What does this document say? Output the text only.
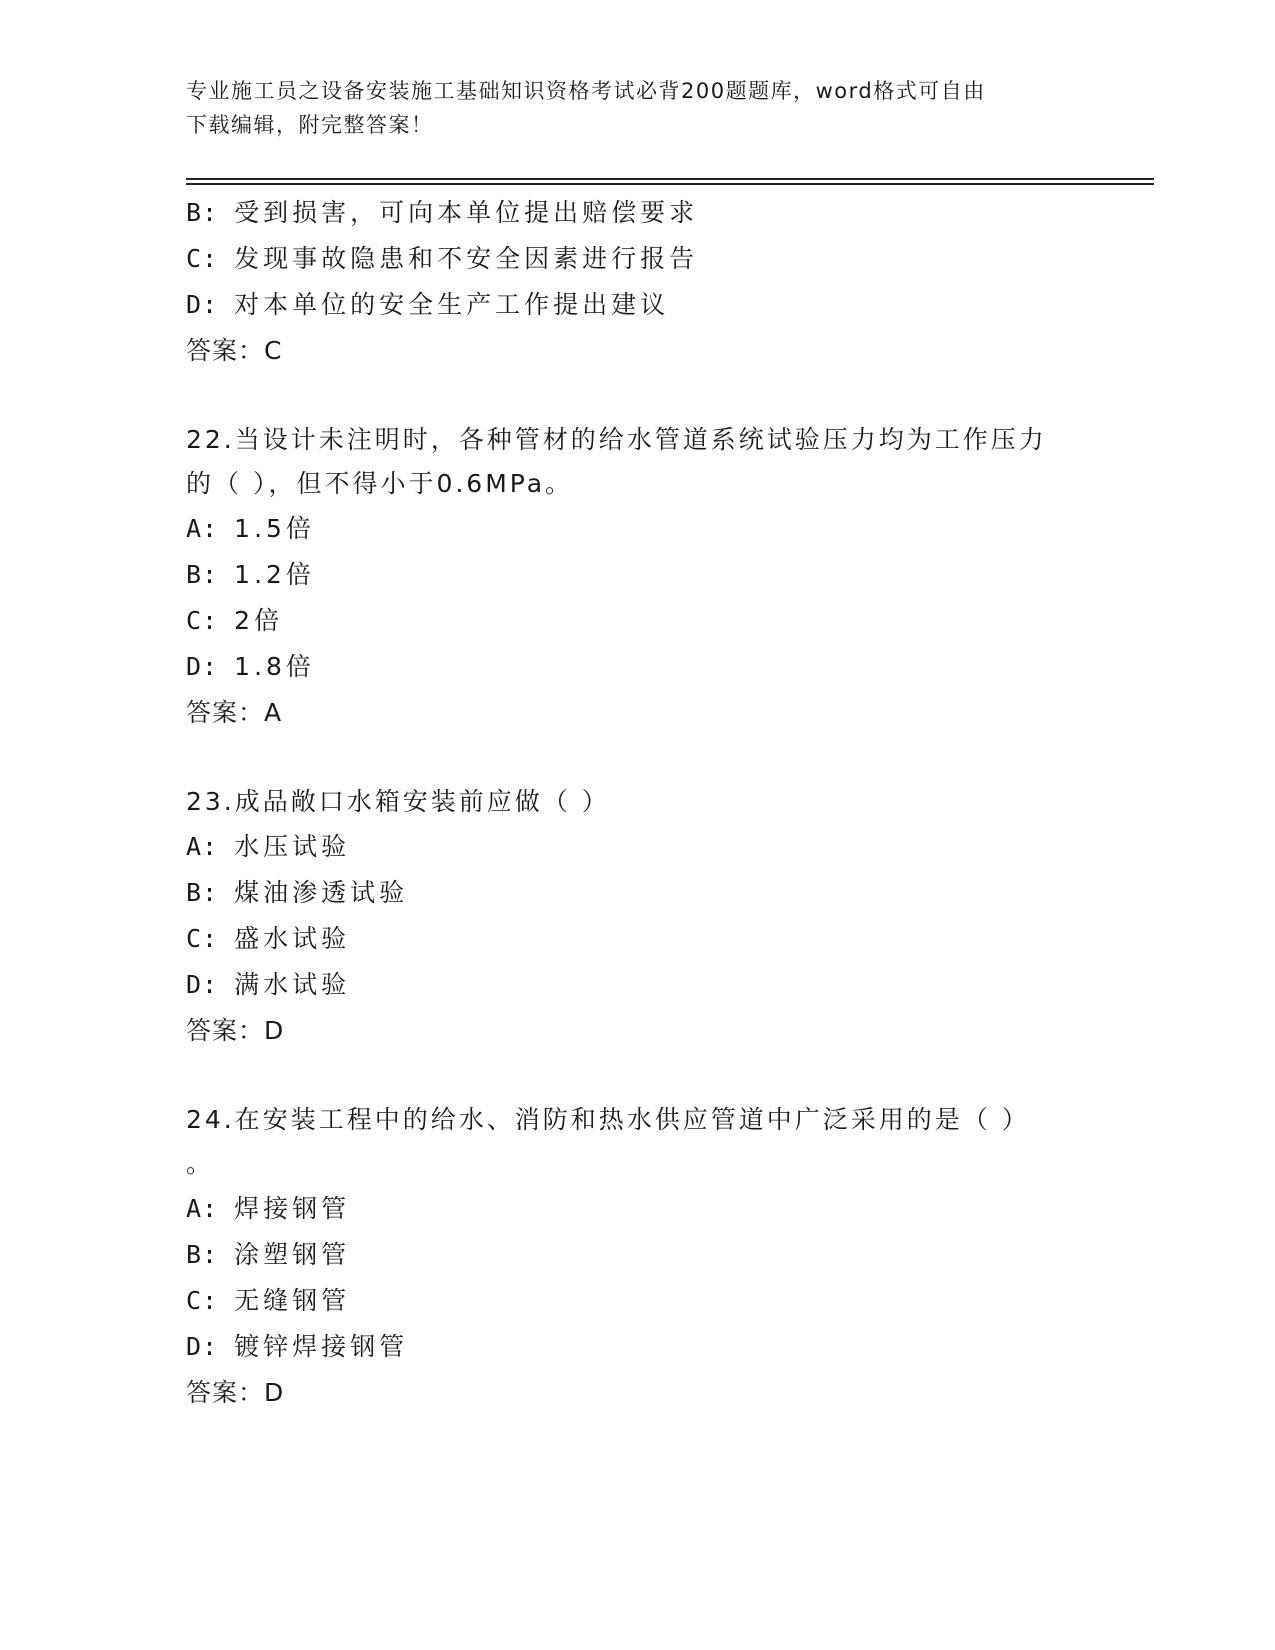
专业施工员之设备安装施工基础知识资格考试必背200题题库，word格式可自由
下载编辑，附完整答案！
B: 受到损害，可向本单位提出赔偿要求
C: 发现事故隐患和不安全因素进行报告
D: 对本单位的安全生产工作提出建议
答案：C
22.当设计未注明时，各种管材的给水管道系统试验压力均为工作压力
的（ ），但不得小于0.6MPa。
A: 1.5倍
B: 1.2倍
C: 2倍
D: 1.8倍
答案：A
23.成品敞口水箱安装前应做（ ）
A: 水压试验
B: 煤油渗透试验
C: 盛水试验
D: 满水试验
答案：D
24.在安装工程中的给水、消防和热水供应管道中广泛采用的是（ ）
。
A: 焊接钢管
B: 涂塑钢管
C: 无缝钢管
D: 镀锌焊接钢管
答案：D
